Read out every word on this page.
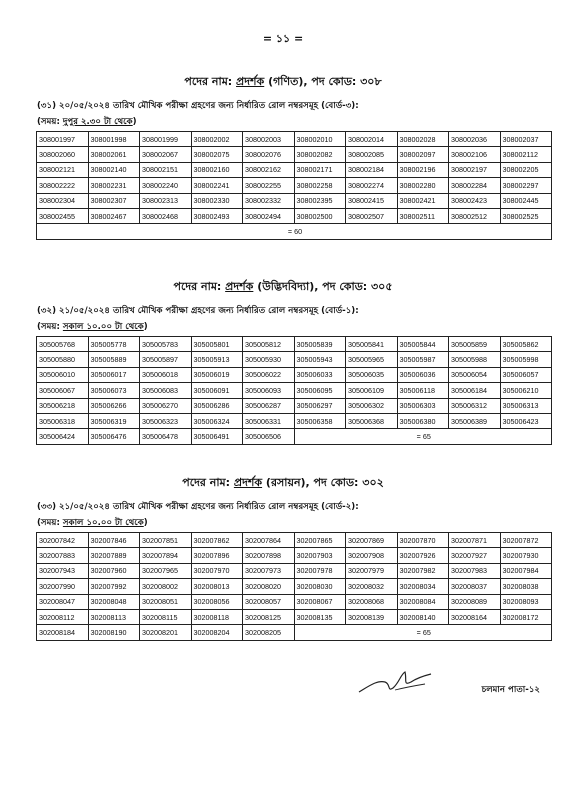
= ১১ =

পদের নাম: প্রদর্শক (গণিত), পদ কোড: ৩০৮

(৩১) ২০/০৫/২০২৪ তারিখ মৌখিক পরীক্ষা গ্রহণের জন্য নির্ধারিত রোল নম্বরসমূহ (বোর্ড-৩):
(সময়: দুপুর ২.৩০ টা থেকে)
308001997	308001998	308001999	308002002	308002003	308002010	308002014	308002028	308002036	308002037
308002060	308002061	308002067	308002075	308002076	308002082	308002085	308002097	308002106	308002112
308002121	308002140	308002151	308002160	308002162	308002171	308002184	308002196	308002197	308002205
308002222	308002231	308002240	308002241	308002255	308002258	308002274	308002280	308002284	308002297
308002304	308002307	308002313	308002330	308002332	308002395	308002415	308002421	308002423	308002445
308002455	308002467	308002468	308002493	308002494	308002500	308002507	308002511	308002512	308002525
= 60									

পদের নাম: প্রদর্শক (উদ্ভিদবিদ্যা), পদ কোড: ৩০৫

(৩২) ২১/০৫/২০২৪ তারিখ মৌখিক পরীক্ষা গ্রহণের জন্য নির্ধারিত রোল নম্বরসমূহ (বোর্ড-১):
(সময়: সকাল ১০.০০ টা থেকে)
305005768	305005778	305005783	305005801	305005812	305005839	305005841	305005844	305005859	305005862
305005880	305005889	305005897	305005913	305005930	305005943	305005965	305005987	305005988	305005998
305006010	305006017	305006018	305006019	305006022	305006033	305006035	305006036	305006054	305006057
305006067	305006073	305006083	305006091	305006093	305006095	305006109	305006118	305006184	305006210
305006218	305006266	305006270	305006286	305006287	305006297	305006302	305006303	305006312	305006313
305006318	305006319	305006323	305006324	305006331	305006358	305006368	305006380	305006389	305006423
305006424	305006476	305006478	305006491	305006506	= 65				

পদের নাম: প্রদর্শক (রসায়ন), পদ কোড: ৩০২

(৩৩) ২১/০৫/২০২৪ তারিখ মৌখিক পরীক্ষা গ্রহণের জন্য নির্ধারিত রোল নম্বরসমূহ (বোর্ড-২):
(সময়: সকাল ১০.০০ টা থেকে)
302007842	302007846	302007851	302007862	302007864	302007865	302007869	302007870	302007871	302007872
302007883	302007889	302007894	302007896	302007898	302007903	302007908	302007926	302007927	302007930
302007943	302007960	302007965	302007970	302007973	302007978	302007979	302007982	302007983	302007984
302007990	302007992	302008002	302008013	302008020	302008030	302008032	302008034	302008037	302008038
302008047	302008048	302008051	302008056	302008057	302008067	302008068	302008084	302008089	302008093
302008112	302008113	302008115	302008118	302008125	302008135	302008139	302008140	302008164	302008172
302008184	302008190	302008201	302008204	302008205	= 65				
চলমান পাতা-১২
